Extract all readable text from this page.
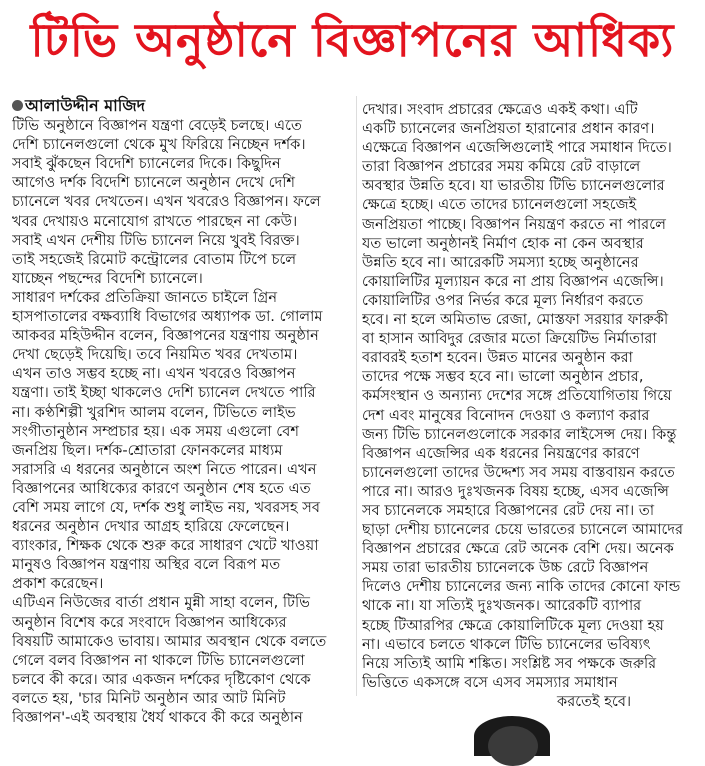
টিভি অনুষ্ঠানে বিজ্ঞাপনের আধিক্য
আলাউদ্দীন মাজিদ
টিভি অনুষ্ঠানে বিজ্ঞাপন যন্ত্রণা বেড়েই চলছে। এতে
দেশি চ্যানেলগুলো থেকে মুখ ফিরিয়ে নিচ্ছেন দর্শক।
সবাই ঝুঁকছেন বিদেশি চ্যানেলের দিকে। কিছুদিন
আগেও দর্শক বিদেশি চ্যানেলে অনুষ্ঠান দেখে দেশি
চ্যানেলে খবর দেখতেন। এখন খবরেও বিজ্ঞাপন। ফলে
খবর দেখায়ও মনোযোগ রাখতে পারছেন না কেউ।
সবাই এখন দেশীয় টিভি চ্যানেল নিয়ে খুবই বিরক্ত।
তাই সহজেই রিমোট কন্ট্রোলের বোতাম টিপে চলে
যাচ্ছেন পছন্দের বিদেশি চ্যানেলে।
সাধারণ দর্শকের প্রতিক্রিয়া জানতে চাইলে গ্রিন
হাসপাতালের বক্ষব্যাধি বিভাগের অধ্যাপক ডা. গোলাম
আকবর মহিউদ্দীন বলেন, বিজ্ঞাপনের যন্ত্রণায় অনুষ্ঠান
দেখা ছেড়েই দিয়েছি। তবে নিয়মিত খবর দেখতাম।
এখন তাও সম্ভব হচ্ছে না। এখন খবরেও বিজ্ঞাপন
যন্ত্রণা। তাই ইচ্ছা থাকলেও দেশি চ্যানেল দেখতে পারি
না। কণ্ঠশিল্পী খুরশিদ আলম বলেন, টিভিতে লাইভ
সংগীতানুষ্ঠান সম্প্রচার হয়। এক সময় এগুলো বেশ
জনপ্রিয় ছিল। দর্শক-শ্রোতারা ফোনকলের মাধ্যম
সরাসরি এ ধরনের অনুষ্ঠানে অংশ নিতে পারেন। এখন
বিজ্ঞাপনের আধিক্যের কারণে অনুষ্ঠান শেষ হতে এত
বেশি সময় লাগে যে, দর্শক শুধু লাইভ নয়, খবরসহ সব
ধরনের অনুষ্ঠান দেখার আগ্রহ হারিয়ে ফেলেছেন।
ব্যাংকার, শিক্ষক থেকে শুরু করে সাধারণ খেটে খাওয়া
মানুষও বিজ্ঞাপন যন্ত্রণায় অস্থির বলে বিরূপ মত
প্রকাশ করেছেন।
এটিএন নিউজের বার্তা প্রধান মুন্নী সাহা বলেন, টিভি
অনুষ্ঠান বিশেষ করে সংবাদে বিজ্ঞাপন আধিক্যের
বিষয়টি আমাকেও ভাবায়। আমার অবস্থান থেকে বলতে
গেলে বলব বিজ্ঞাপন না থাকলে টিভি চ্যানেলগুলো
চলবে কী করে। আর একজন দর্শকের দৃষ্টিকোণ থেকে
বলতে হয়, 'চার মিনিট অনুষ্ঠান আর আট মিনিট
বিজ্ঞাপন'-এই অবস্থায় ধৈর্য থাকবে কী করে অনুষ্ঠান
দেখার। সংবাদ প্রচারের ক্ষেত্রেও একই কথা। এটি
একটি চ্যানেলের জনপ্রিয়তা হারানোর প্রধান কারণ।
এক্ষেত্রে বিজ্ঞাপন এজেন্সিগুলোই পারে সমাধান দিতে।
তারা বিজ্ঞাপন প্রচারের সময় কমিয়ে রেট বাড়ালে
অবস্থার উন্নতি হবে। যা ভারতীয় টিভি চ্যানেলগুলোর
ক্ষেত্রে হচ্ছে। এতে তাদের চ্যানেলগুলো সহজেই
জনপ্রিয়তা পাচ্ছে। বিজ্ঞাপন নিয়ন্ত্রণ করতে না পারলে
যত ভালো অনুষ্ঠানই নির্মাণ হোক না কেন অবস্থার
উন্নতি হবে না। আরেকটি সমস্যা হচ্ছে অনুষ্ঠানের
কোয়ালিটির মূল্যায়ন করে না প্রায় বিজ্ঞাপন এজেন্সি।
কোয়ালিটির ওপর নির্ভর করে মূল্য নির্ধারণ করতে
হবে। না হলে অমিতাভ রেজা, মোস্তফা সরয়ার ফারুকী
বা হাসান আবিদুর রেজার মতো ক্রিয়েটিভ নির্মাতারা
বরাবরই হতাশ হবেন। উন্নত মানের অনুষ্ঠান করা
তাদের পক্ষে সম্ভব হবে না। ভালো অনুষ্ঠান প্রচার,
কর্মসংস্থান ও অন্যান্য দেশের সঙ্গে প্রতিযোগিতায় গিয়ে
দেশ এবং মানুষের বিনোদন দেওয়া ও কল্যাণ করার
জন্য টিভি চ্যানেলগুলোকে সরকার লাইসেন্স দেয়। কিন্তু
বিজ্ঞাপন এজেন্সির এক ধরনের নিয়ন্ত্রণের কারণে
চ্যানেলগুলো তাদের উদ্দেশ্য সব সময় বাস্তবায়ন করতে
পারে না। আরও দুঃখজনক বিষয় হচ্ছে, এসব এজেন্সি
সব চ্যানেলকে সমহারে বিজ্ঞাপনের রেট দেয় না। তা
ছাড়া দেশীয় চ্যানেলের চেয়ে ভারতের চ্যানেলে আমাদের
বিজ্ঞাপন প্রচারের ক্ষেত্রে রেট অনেক বেশি দেয়। অনেক
সময় তারা ভারতীয় চ্যানেলকে উচ্চ রেটে বিজ্ঞাপন
দিলেও দেশীয় চ্যানেলের জন্য নাকি তাদের কোনো ফান্ড
থাকে না। যা সত্যিই দুঃখজনক। আরেকটি ব্যাপার
হচ্ছে টিআরপির ক্ষেত্রে কোয়ালিটিকে মূল্য দেওয়া হয়
না। এভাবে চলতে থাকলে টিভি চ্যানেলের ভবিষ্যৎ
নিয়ে সত্যিই আমি শঙ্কিত। সংশ্লিষ্ট সব পক্ষকে জরুরি
ভিত্তিতে একসঙ্গে বসে এসব সমস্যার সমাধান
করতেই হবে।
